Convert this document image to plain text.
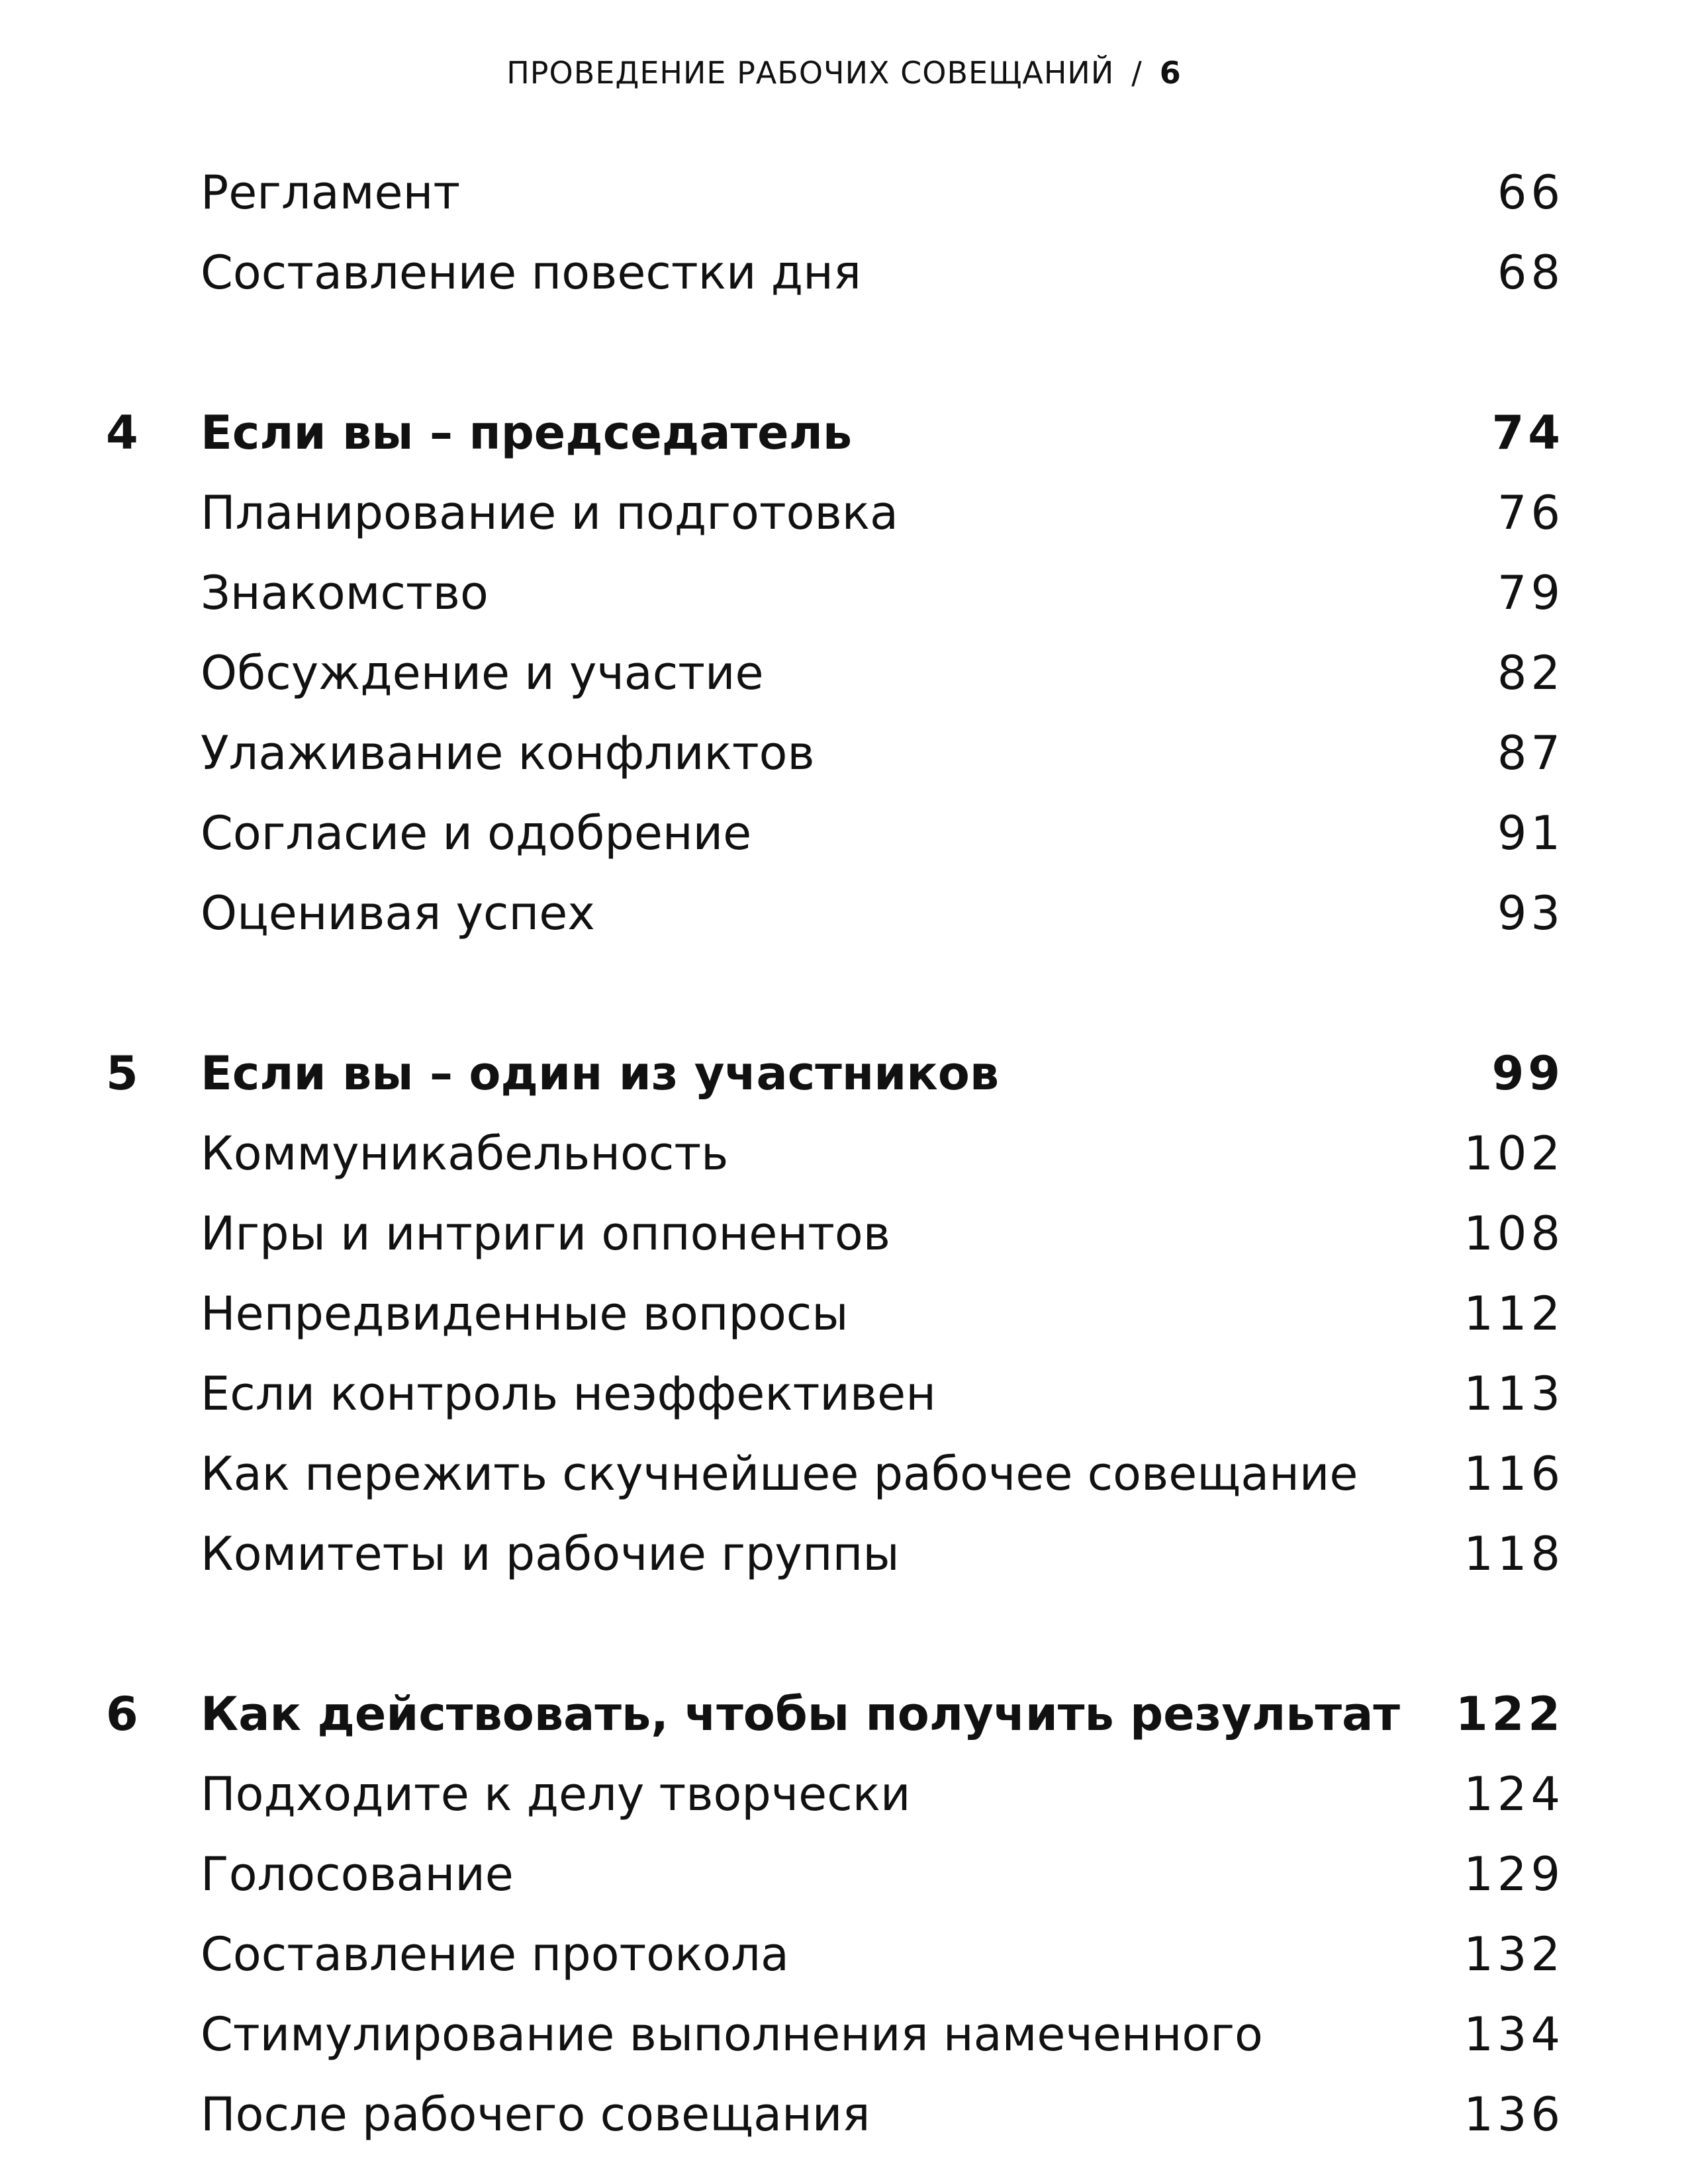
ПРОВЕДЕНИЕ РАБОЧИХ СОВЕЩАНИЙ / 6
Регламент	66
Составление повестки дня	68
4 Если вы – председатель	74
Планирование и подготовка	76
Знакомство	79
Обсуждение и участие	82
Улаживание конфликтов	87
Согласие и одобрение	91
Оценивая успех	93
5 Если вы – один из участников	99
Коммуникабельность	102
Игры и интриги оппонентов	108
Непредвиденные вопросы	112
Если контроль неэффективен	113
Как пережить скучнейшее рабочее совещание 116
Комитеты и рабочие группы	118
6 Как действовать, чтобы получить результат 122
Подходите к делу творчески	124
Голосование	129
Составление протокола	132
Стимулирование выполнения намеченного	134
После рабочего совещания	136
